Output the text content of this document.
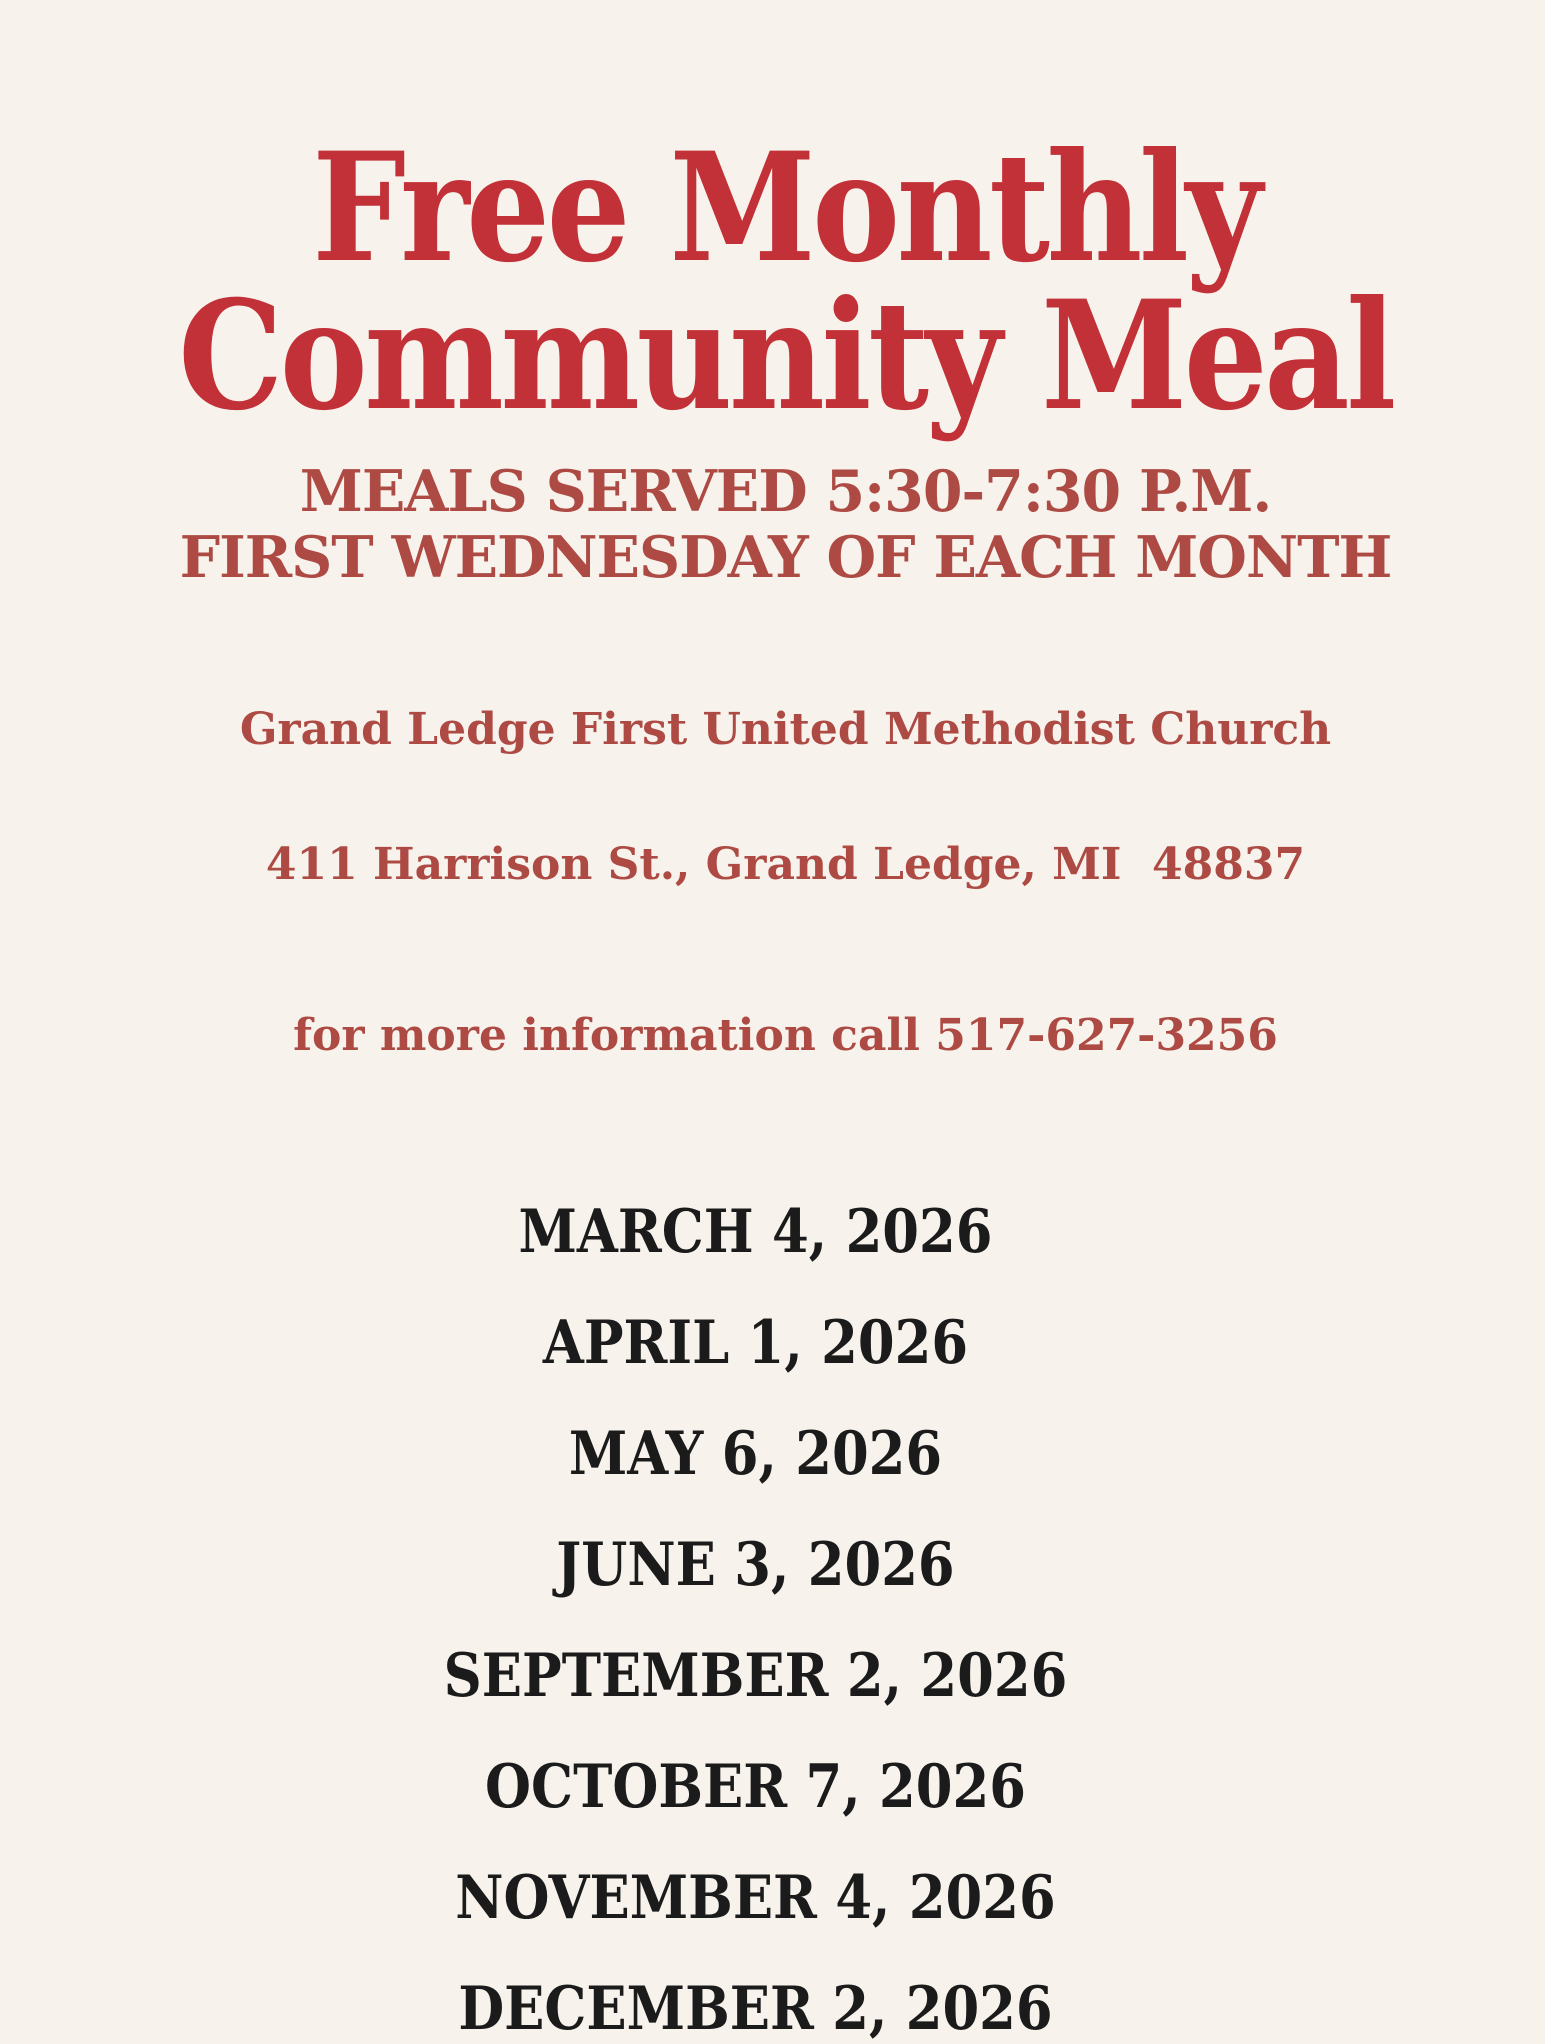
Free Monthly
Community Meal
MEALS SERVED 5:30-7:30 P.M.
FIRST WEDNESDAY OF EACH MONTH

Grand Ledge First United Methodist Church

411 Harrison St., Grand Ledge, MI  48837

for more information call 517-627-3256

MARCH 4, 2026

APRIL 1, 2026

MAY 6, 2026

JUNE 3, 2026

SEPTEMBER 2, 2026

OCTOBER 7, 2026

NOVEMBER 4, 2026

DECEMBER 2, 2026
